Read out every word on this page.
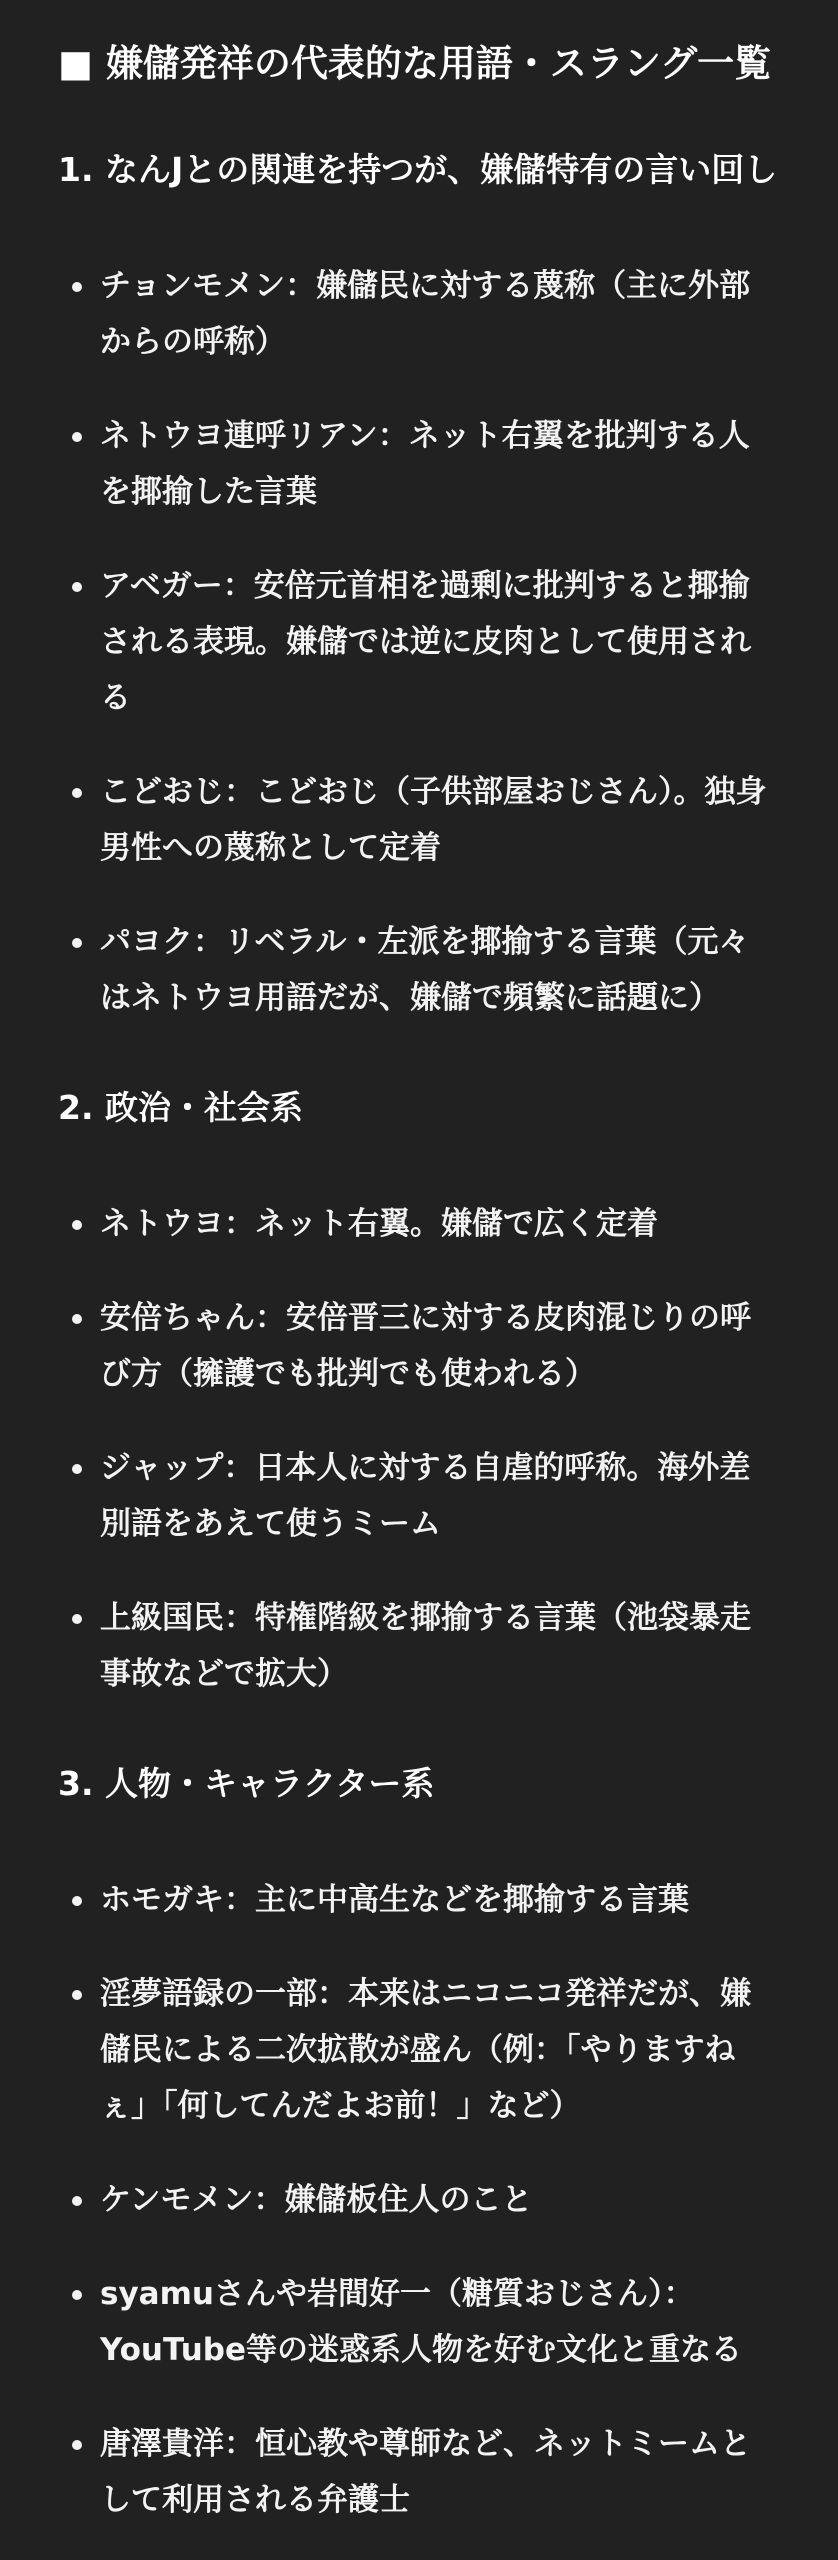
■ 嫌儲発祥の代表的な用語・スラング一覧
1. なんJとの関連を持つが、嫌儲特有の言い回し
チョンモメン：嫌儲民に対する蔑称（主に外部からの呼称）
ネトウヨ連呼リアン：ネット右翼を批判する人を揶揄した言葉
アベガー：安倍元首相を過剰に批判すると揶揄される表現。嫌儲では逆に皮肉として使用される
こどおじ：こどおじ（子供部屋おじさん）。独身男性への蔑称として定着
パヨク：リベラル・左派を揶揄する言葉（元々はネトウヨ用語だが、嫌儲で頻繁に話題に）
2. 政治・社会系
ネトウヨ：ネット右翼。嫌儲で広く定着
安倍ちゃん：安倍晋三に対する皮肉混じりの呼び方（擁護でも批判でも使われる）
ジャップ：日本人に対する自虐的呼称。海外差別語をあえて使うミーム
上級国民：特権階級を揶揄する言葉（池袋暴走事故などで拡大）
3. 人物・キャラクター系
ホモガキ：主に中高生などを揶揄する言葉
淫夢語録の一部：本来はニコニコ発祥だが、嫌儲民による二次拡散が盛ん（例：「やりますねぇ」「何してんだよお前！」など）
ケンモメン：嫌儲板住人のこと
syamuさんや岩間好一（糖質おじさん）：YouTube等の迷惑系人物を好む文化と重なる
唐澤貴洋：恒心教や尊師など、ネットミームとして利用される弁護士
